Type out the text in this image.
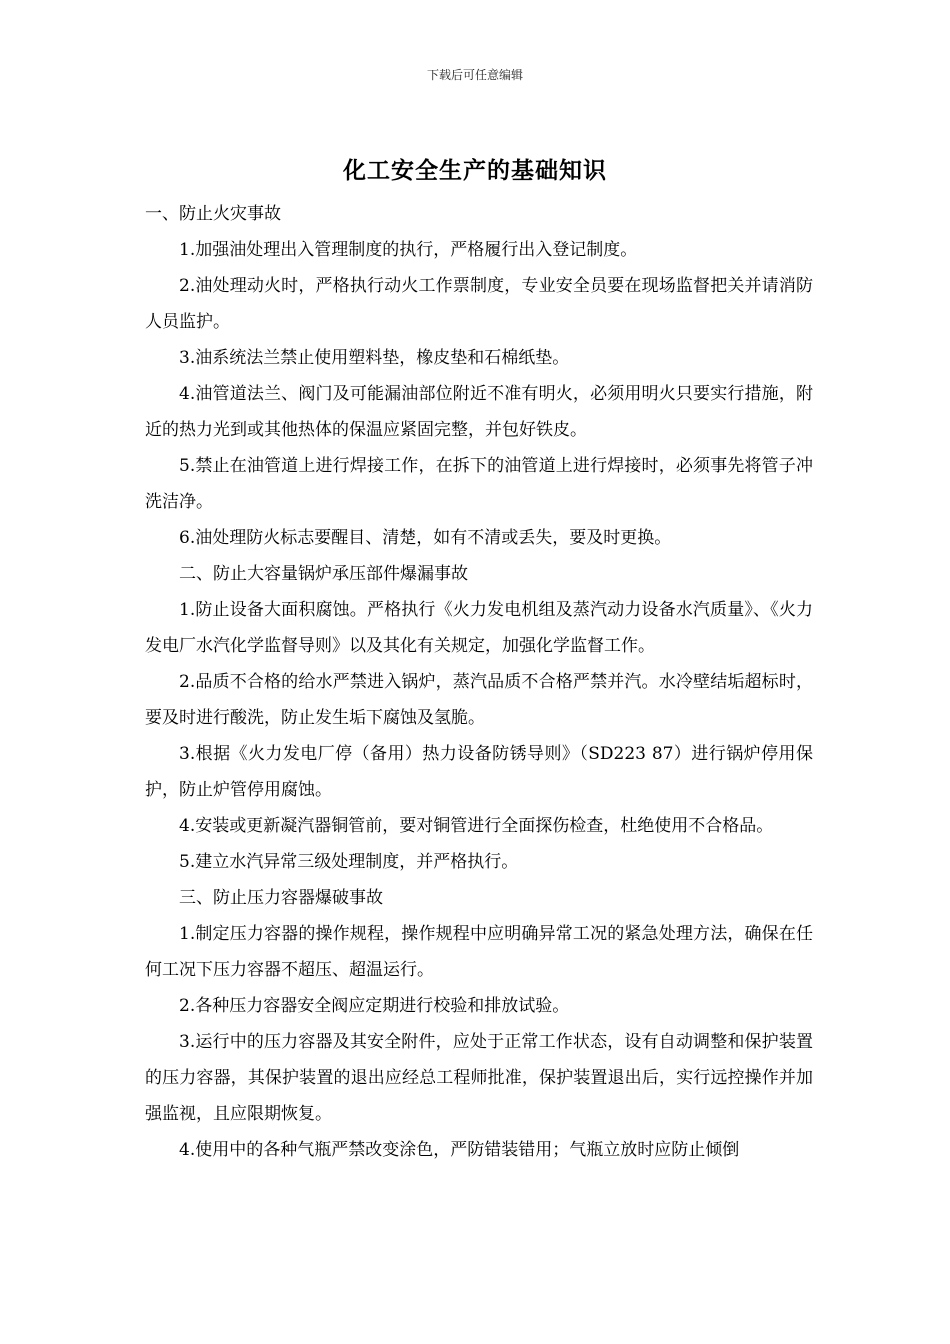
下载后可任意编辑
化工安全生产的基础知识

一、防止火灾事故

1.加强油处理出入管理制度的执行，严格履行出入登记制度。

2.油处理动火时，严格执行动火工作票制度，专业安全员要在现场监督把关并请消防人员监护。

3.油系统法兰禁止使用塑料垫，橡皮垫和石棉纸垫。

4.油管道法兰、阀门及可能漏油部位附近不准有明火，必须用明火只要实行措施，附近的热力光到或其他热体的保温应紧固完整，并包好铁皮。

5.禁止在油管道上进行焊接工作，在拆下的油管道上进行焊接时，必须事先将管子冲洗洁净。

6.油处理防火标志要醒目、清楚，如有不清或丢失，要及时更换。

二、防止大容量锅炉承压部件爆漏事故

1.防止设备大面积腐蚀。严格执行《火力发电机组及蒸汽动力设备水汽质量》、《火力发电厂水汽化学监督导则》以及其化有关规定，加强化学监督工作。

2.品质不合格的给水严禁进入锅炉，蒸汽品质不合格严禁并汽。水冷壁结垢超标时，要及时进行酸洗，防止发生垢下腐蚀及氢脆。

3.根据《火力发电厂停（备用）热力设备防锈导则》（SD223 87）进行锅炉停用保护，防止炉管停用腐蚀。

4.安装或更新凝汽器铜管前，要对铜管进行全面探伤检查，杜绝使用不合格品。

5.建立水汽异常三级处理制度，并严格执行。

三、防止压力容器爆破事故

1.制定压力容器的操作规程，操作规程中应明确异常工况的紧急处理方法，确保在任何工况下压力容器不超压、超温运行。

2.各种压力容器安全阀应定期进行校验和排放试验。

3.运行中的压力容器及其安全附件，应处于正常工作状态，设有自动调整和保护装置的压力容器，其保护装置的退出应经总工程师批准，保护装置退出后，实行远控操作并加强监视，且应限期恢复。

4.使用中的各种气瓶严禁改变涂色，严防错装错用；气瓶立放时应防止倾倒
